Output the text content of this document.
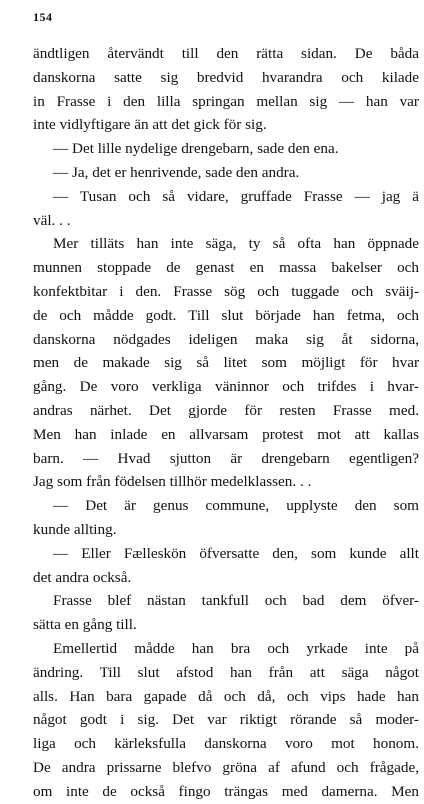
154
ändtligen återvändt till den rätta sidan. De båda
danskorna satte sig bredvid hvarandra och kilade
in Frasse i den lilla springan mellan sig — han var
inte vidlyftigare än att det gick för sig.
— Det lille nydelige drengebarn, sade den ena.
— Ja, det er henrivende, sade den andra.
— Tusan och så vidare, gruffade Frasse — jag ä
väl. . .
Mer tilläts han inte säga, ty så ofta han öppnade
munnen stoppade de genast en massa bakelser och
konfektbitar i den. Frasse sög och tuggade och sväij-
de och mådde godt. Till slut började han fetma, och
danskorna nödgades ideligen maka sig åt sidorna,
men de makade sig så litet som möjligt för hvar
gång. De voro verkliga väninnor och trifdes i hvar-
andras närhet. Det gjorde för resten Frasse med.
Men han inlade en allvarsam protest mot att kallas
barn. — Hvad sjutton är drengebarn egentligen?
Jag som från födelsen tillhör medelklassen. . .
— Det är genus commune, upplyste den som
kunde allting.
— Eller Fælleskön öfversatte den, som kunde allt
det andra också.
Frasse blef nästan tankfull och bad dem öfver-
sätta en gång till.
Emellertid mådde han bra och yrkade inte på
ändring. Till slut afstod han från att säga något
alls. Han bara gapade då och då, och vips hade han
något godt i sig. Det var riktigt rörande så moder-
liga och kärleksfulla danskorna voro mot honom.
De andra prissarne blefvo gröna af afund och frågade,
om inte de också fingo trängas med damerna. Men
